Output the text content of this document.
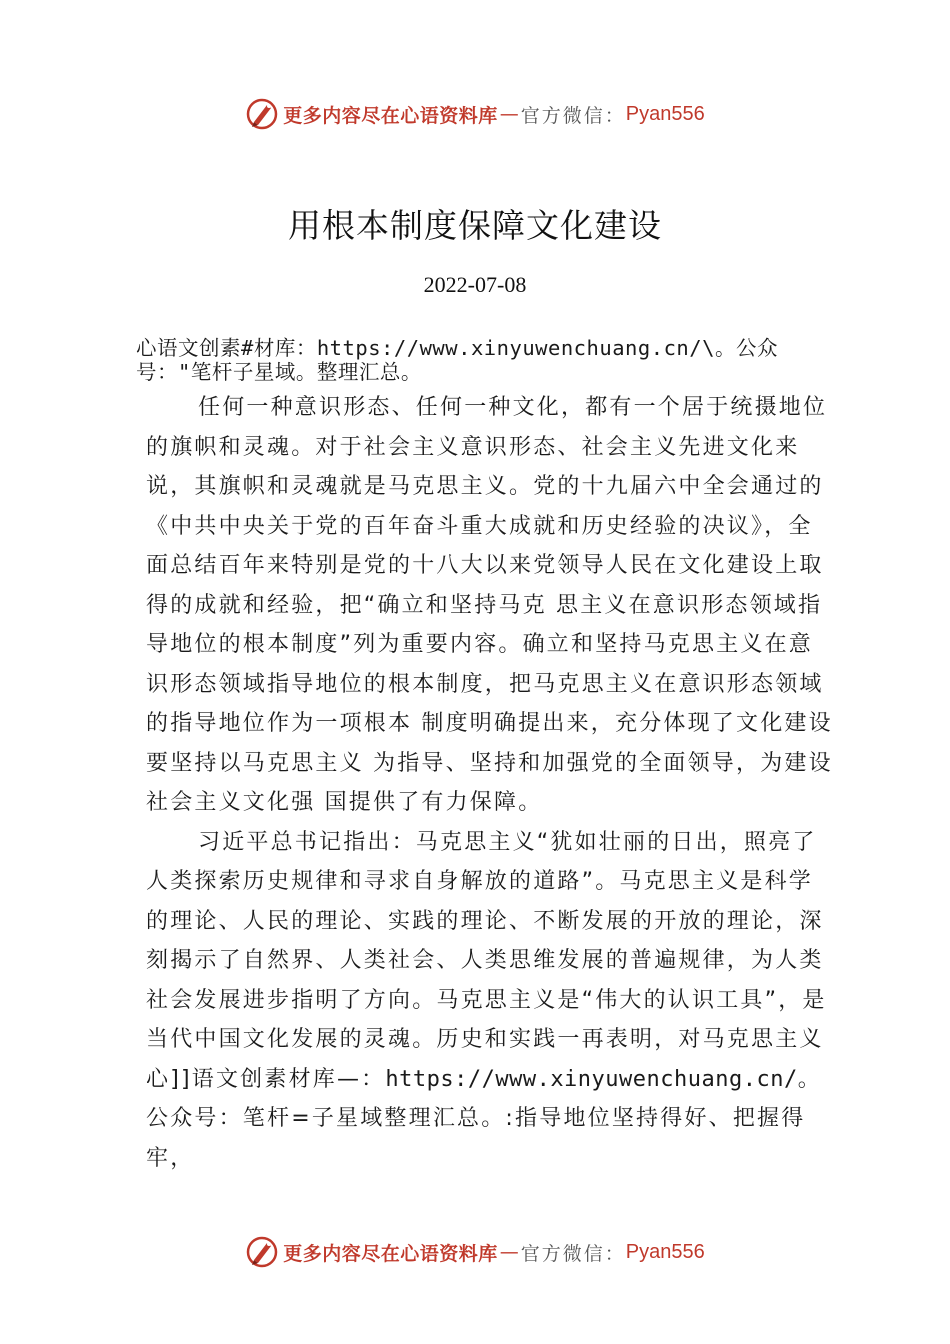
更多内容尽在心语资料库 — 官方微信： Pyan556
用根本制度保障文化建设
2022-07-08
心语文创素#材库：https://www.xinyuwenchuang.cn/\。公众号："笔杆子星域。整理汇总。

任何一种意识形态、任何一种文化，都有一个居于统摄地位的旗帜和灵魂。对于社会主义意识形态、社会主义先进文化来说，其旗帜和灵魂就是马克思主义。党的十九届六中全会通过的《中共中央关于党的百年奋斗重大成就和历史经验的决议》，全面总结百年来特别是党的十八大以来党领导人民在文化建设上取得的成就和经验，把“确立和坚持马克 思主义在意识形态领域指导地位的根本制度”列为重要内容。确立和坚持马克思主义在意识形态领域指导地位的根本制度，把马克思主义在意识形态领域的指导地位作为一项根本 制度明确提出来，充分体现了文化建设要坚持以马克思主义 为指导、坚持和加强党的全面领导，为建设社会主义文化强 国提供了有力保障。

习近平总书记指出：马克思主义“犹如壮丽的日出，照亮了人类探索历史规律和寻求自身解放的道路”。马克思主义是科学的理论、人民的理论、实践的理论、不断发展的开放的理论，深刻揭示了自然界、人类社会、人类思维发展的普遍规律，为人类社会发展进步指明了方向。马克思主义是“伟大的认识工具”，是当代中国文化发展的灵魂。历史和实践一再表明，对马克思主义心]]语文创素材库—：https://www.xinyuwenchuang.cn/。公众号：笔杆=子星域整理汇总。:指导地位坚持得好、把握得牢，

更多内容尽在心语资料库 — 官方微信： Pyan556
